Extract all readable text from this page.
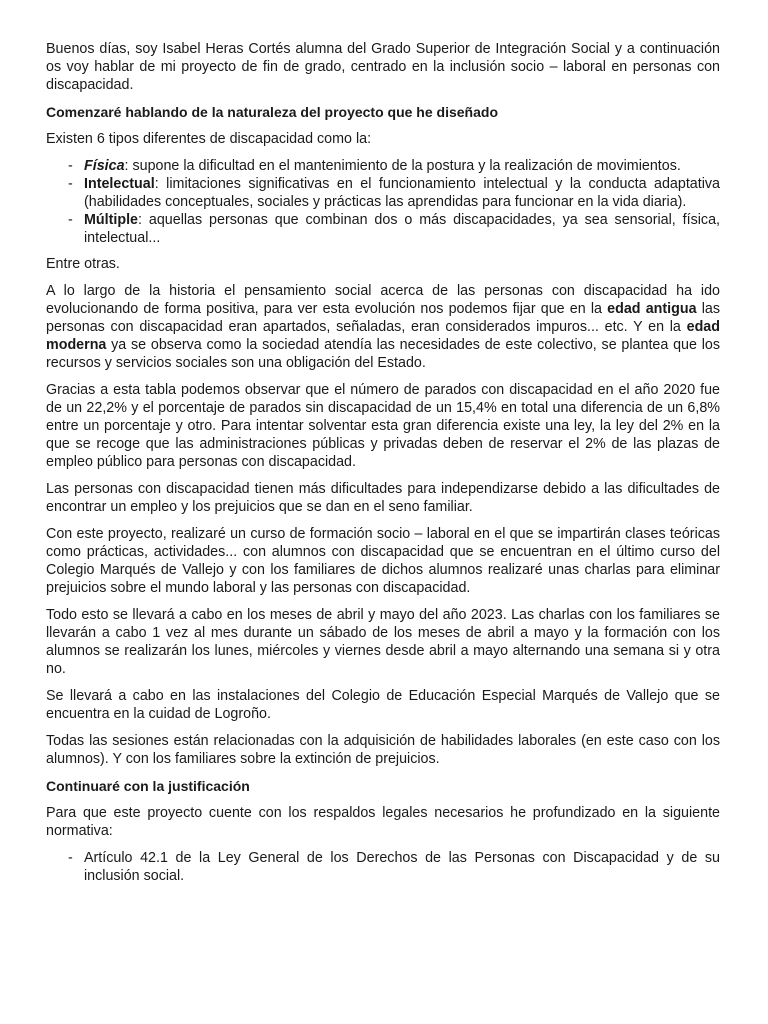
Buenos días, soy Isabel Heras Cortés alumna del Grado Superior de Integración Social y a continuación os voy hablar de mi proyecto de fin de grado, centrado en la inclusión socio – laboral en personas con discapacidad.

Comenzaré hablando de la naturaleza del proyecto que he diseñado

Existen 6 tipos diferentes de discapacidad como la:

- Física: supone la dificultad en el mantenimiento de la postura y la realización de movimientos.
- Intelectual: limitaciones significativas en el funcionamiento intelectual y la conducta adaptativa (habilidades conceptuales, sociales y prácticas las aprendidas para funcionar en la vida diaria).
- Múltiple: aquellas personas que combinan dos o más discapacidades, ya sea sensorial, física, intelectual...

Entre otras.

A lo largo de la historia el pensamiento social acerca de las personas con discapacidad ha ido evolucionando de forma positiva, para ver esta evolución nos podemos fijar que en la edad antigua las personas con discapacidad eran apartados, señaladas, eran considerados impuros... etc. Y en la edad moderna ya se observa como la sociedad atendía las necesidades de este colectivo, se plantea que los recursos y servicios sociales son una obligación del Estado.

Gracias a esta tabla podemos observar que el número de parados con discapacidad en el año 2020 fue de un 22,2% y el porcentaje de parados sin discapacidad de un 15,4% en total una diferencia de un 6,8% entre un porcentaje y otro. Para intentar solventar esta gran diferencia existe una ley, la ley del 2% en la que se recoge que las administraciones públicas y privadas deben de reservar el 2% de las plazas de empleo público para personas con discapacidad.

Las personas con discapacidad tienen más dificultades para independizarse debido a las dificultades de encontrar un empleo y los prejuicios que se dan en el seno familiar.

Con este proyecto, realizaré un curso de formación socio – laboral en el que se impartirán clases teóricas como prácticas, actividades... con alumnos con discapacidad que se encuentran en el último curso del Colegio Marqués de Vallejo y con los familiares de dichos alumnos realizaré unas charlas para eliminar prejuicios sobre el mundo laboral y las personas con discapacidad.

Todo esto se llevará a cabo en los meses de abril y mayo del año 2023. Las charlas con los familiares se llevarán a cabo 1 vez al mes durante un sábado de los meses de abril a mayo y la formación con los alumnos se realizarán los lunes, miércoles y viernes desde abril a mayo alternando una semana si y otra no.

Se llevará a cabo en las instalaciones del Colegio de Educación Especial Marqués de Vallejo que se encuentra en la cuidad de Logroño.

Todas las sesiones están relacionadas con la adquisición de habilidades laborales (en este caso con los alumnos). Y con los familiares sobre la extinción de prejuicios.

Continuaré con la justificación

Para que este proyecto cuente con los respaldos legales necesarios he profundizado en la siguiente normativa:

- Artículo 42.1 de la Ley General de los Derechos de las Personas con Discapacidad y de su inclusión social.
